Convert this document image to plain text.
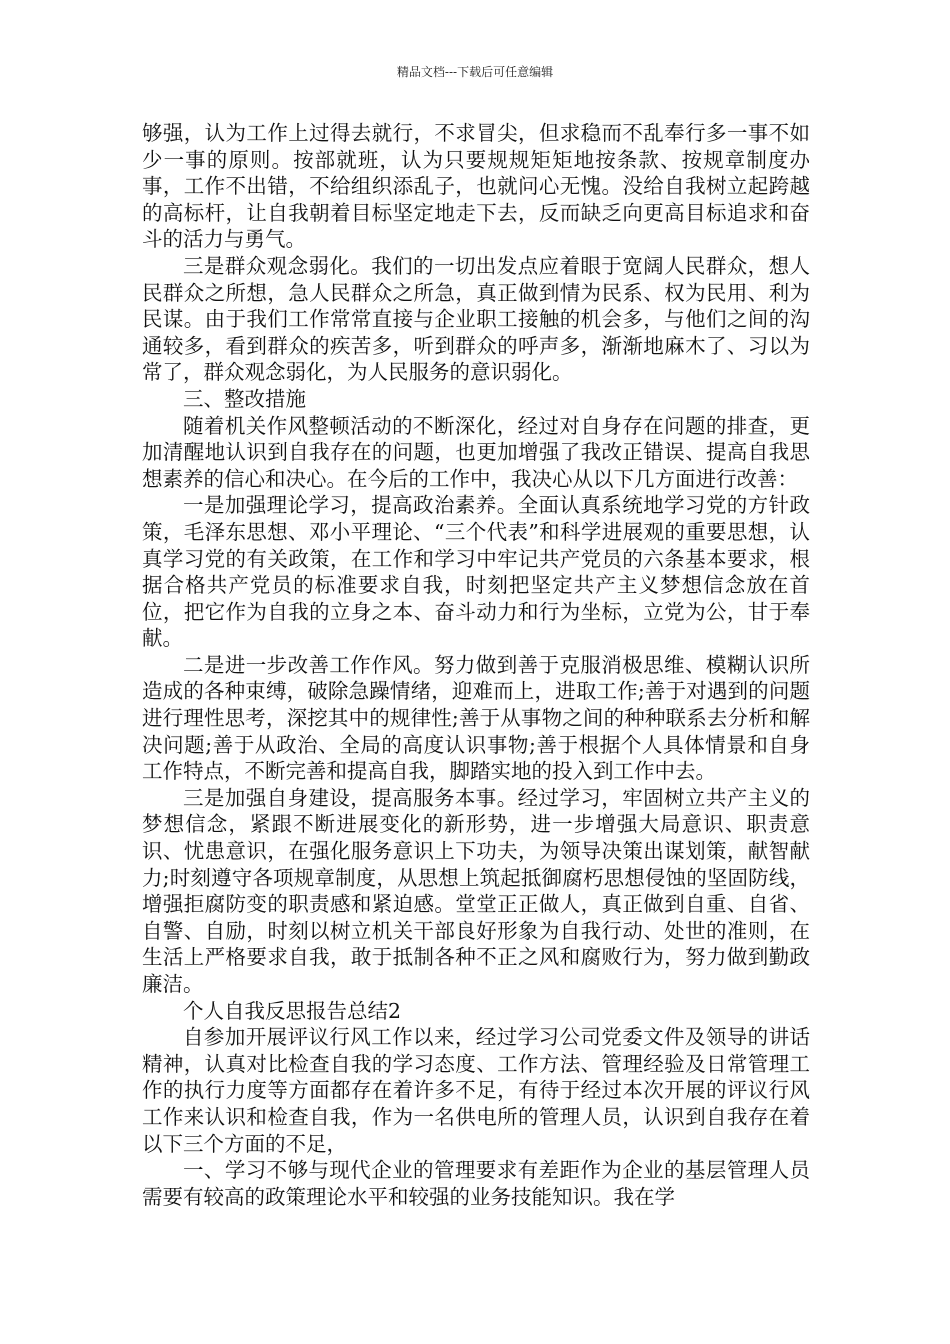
精品文档---下载后可任意编辑

够强，认为工作上过得去就行，不求冒尖，但求稳而不乱奉行多一事不如少一事的原则。按部就班，认为只要规规矩矩地按条款、按规章制度办事，工作不出错，不给组织添乱子，也就问心无愧。没给自我树立起跨越的高标杆，让自我朝着目标坚定地走下去，反而缺乏向更高目标追求和奋斗的活力与勇气。

三是群众观念弱化。我们的一切出发点应着眼于宽阔人民群众，想人民群众之所想，急人民群众之所急，真正做到情为民系、权为民用、利为民谋。由于我们工作常常直接与企业职工接触的机会多，与他们之间的沟通较多，看到群众的疾苦多，听到群众的呼声多，渐渐地麻木了、习以为常了，群众观念弱化，为人民服务的意识弱化。

三、整改措施

随着机关作风整顿活动的不断深化，经过对自身存在问题的排查，更加清醒地认识到自我存在的问题，也更加增强了我改正错误、提高自我思想素养的信心和决心。在今后的工作中，我决心从以下几方面进行改善：

一是加强理论学习，提高政治素养。全面认真系统地学习党的方针政策，毛泽东思想、邓小平理论、“三个代表”和科学进展观的重要思想，认真学习党的有关政策，在工作和学习中牢记共产党员的六条基本要求，根据合格共产党员的标准要求自我，时刻把坚定共产主义梦想信念放在首位，把它作为自我的立身之本、奋斗动力和行为坐标，立党为公，甘于奉献。

二是进一步改善工作作风。努力做到善于克服消极思维、模糊认识所造成的各种束缚，破除急躁情绪，迎难而上，进取工作;善于对遇到的问题进行理性思考，深挖其中的规律性;善于从事物之间的种种联系去分析和解决问题;善于从政治、全局的高度认识事物;善于根据个人具体情景和自身工作特点，不断完善和提高自我，脚踏实地的投入到工作中去。

三是加强自身建设，提高服务本事。经过学习，牢固树立共产主义的梦想信念，紧跟不断进展变化的新形势，进一步增强大局意识、职责意识、忧患意识，在强化服务意识上下功夫，为领导决策出谋划策，献智献力;时刻遵守各项规章制度，从思想上筑起抵御腐朽思想侵蚀的坚固防线，增强拒腐防变的职责感和紧迫感。堂堂正正做人，真正做到自重、自省、自警、自励，时刻以树立机关干部良好形象为自我行动、处世的准则，在生活上严格要求自我，敢于抵制各种不正之风和腐败行为，努力做到勤政廉洁。

个人自我反思报告总结2

自参加开展评议行风工作以来，经过学习公司党委文件及领导的讲话精神，认真对比检查自我的学习态度、工作方法、管理经验及日常管理工作的执行力度等方面都存在着许多不足，有待于经过本次开展的评议行风工作来认识和检查自我，作为一名供电所的管理人员，认识到自我存在着以下三个方面的不足，

一、学习不够与现代企业的管理要求有差距作为企业的基层管理人员需要有较高的政策理论水平和较强的业务技能知识。我在学
